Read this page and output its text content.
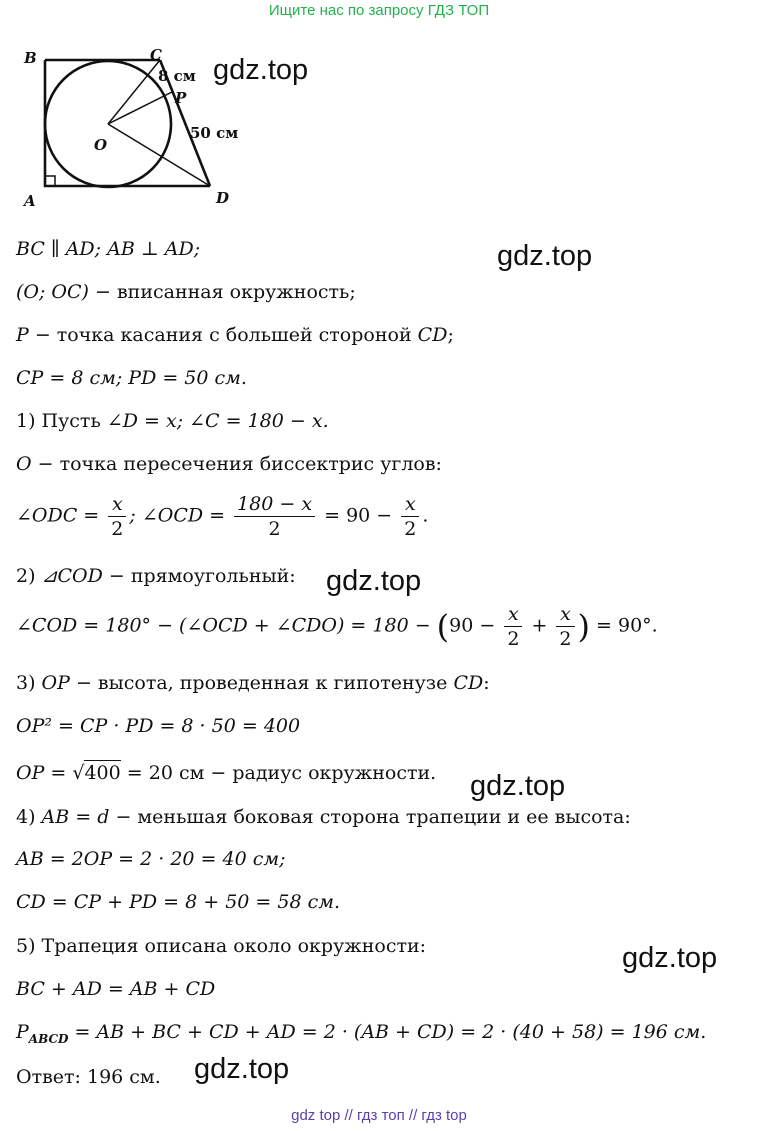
Ищите нас по запросу ГДЗ ТОП
B	C
A	D
O
P
8 см
50 см
gdz.top
gdz.top
gdz.top
gdz.top
gdz.top
gdz.top
BC ∥ AD; AB ⊥ AD;
(O; OC) − вписанная окружность;
P − точка касания с большей стороной CD;
CP = 8 см; PD = 50 см.
1) Пусть ∠D = x; ∠C = 180 − x.
O − точка пересечения биссектрис углов:
∠ODC = $\frac{x}{2}$ ; ∠OCD = $\frac{180 - x}{2} = 90 - \frac{x}{2}$ .
2) ⊿COD − прямоугольный:
∠COD = 180° − (∠OCD + ∠CDO) = $180 - (90 - \frac{x}{2} + \frac{x}{2}$ ) = 90°.
3) OP − высота, проведенная к гипотенузе CD:
OP² = CP · PD = 8 · 50 = 400
OP = √400 = 20 см − радиус окружности.
4) AB = d − меньшая боковая сторона трапеции и ее высота:
AB = 2OP = 2 · 20 = 40 см;
CD = CP + PD = 8 + 50 = 58 см.
5) Трапеция описана около окружности:
BC + AD = AB + CD
$P_{ABCD}$ = AB + BC + CD + AD = 2 · (AB + CD) = 2 · (40 + 58) = 196 см.
Ответ: 196 см.
gdz top // гдз топ // гдз top
